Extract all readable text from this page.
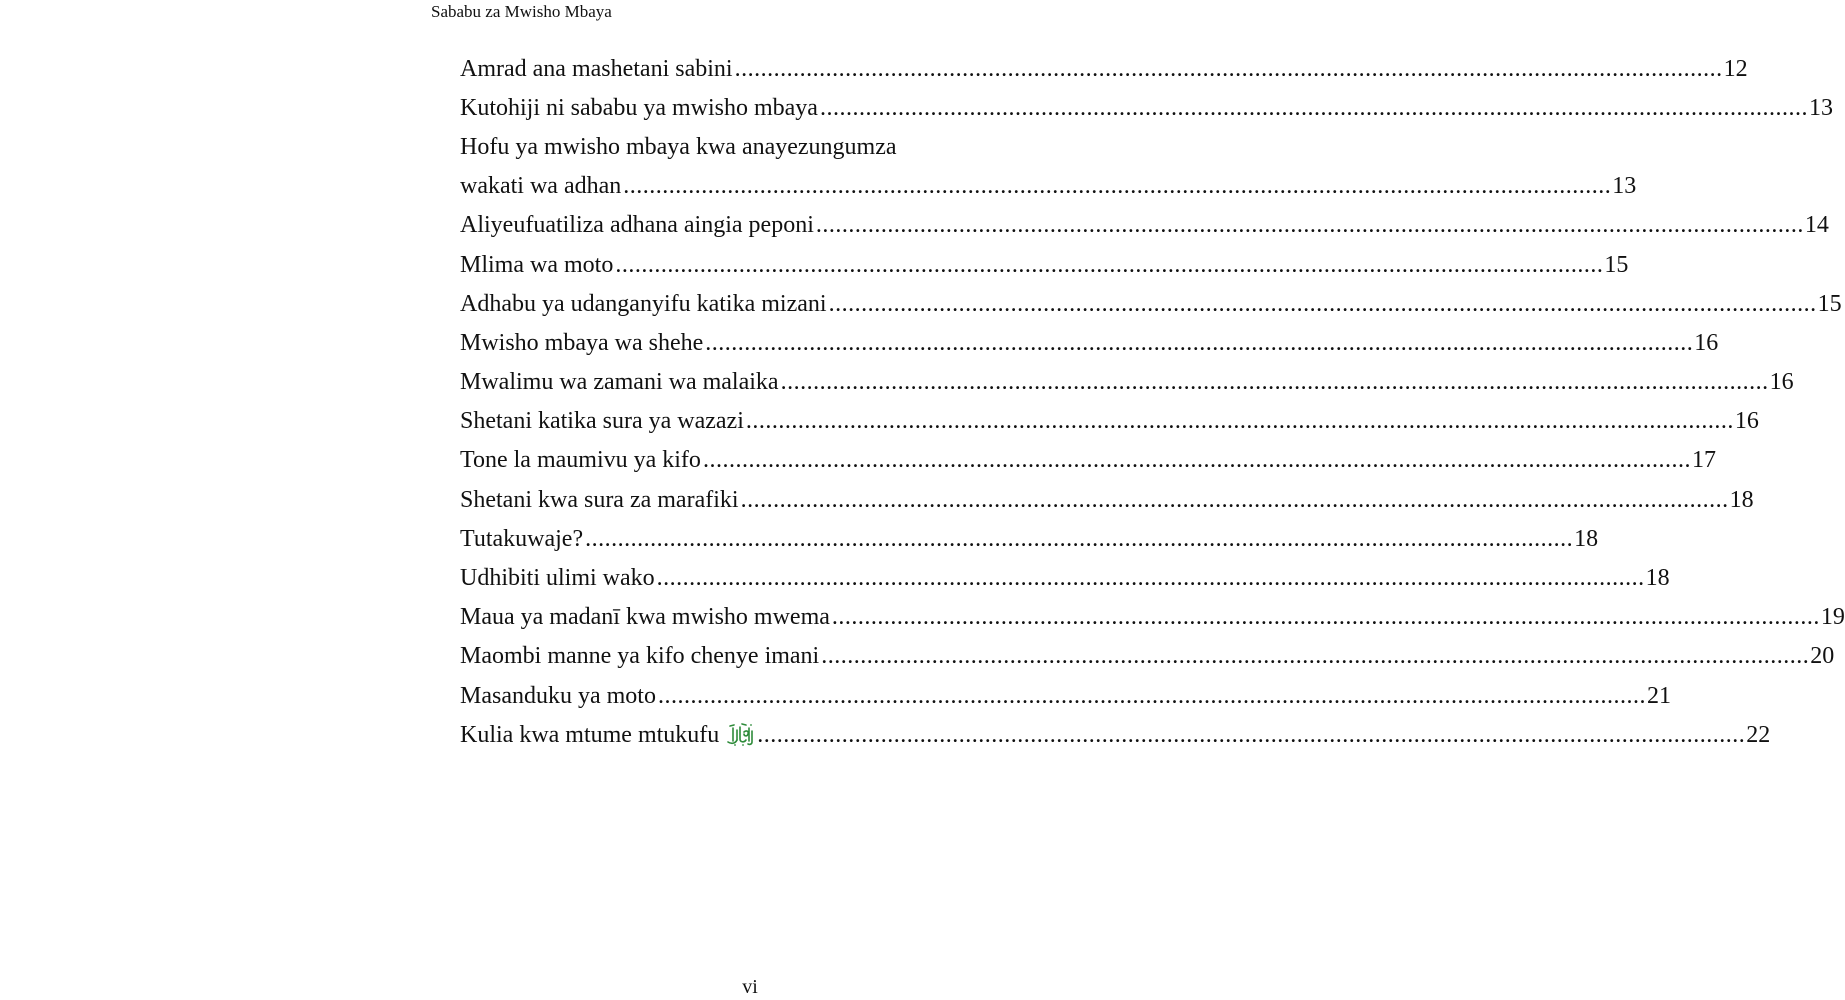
Sababu za Mwisho Mbaya
Amrad ana mashetani sabini ........................................................................................................................................................ 12
Kutohiji ni sababu ya mwisho mbaya ........................................................................................................................................................ 13
Hofu ya mwisho mbaya kwa anayezungumza
wakati wa adhan ........................................................................................................................................................ 13
Aliyeufuatiliza adhana aingia peponi ........................................................................................................................................................ 14
Mlima wa moto ........................................................................................................................................................ 15
Adhabu ya udanganyifu katika mizani ........................................................................................................................................................ 15
Mwisho mbaya wa shehe ........................................................................................................................................................ 16
Mwalimu wa zamani wa malaika ........................................................................................................................................................ 16
Shetani katika sura ya wazazi ........................................................................................................................................................ 16
Tone la maumivu ya kifo ........................................................................................................................................................ 17
Shetani kwa sura za marafiki ........................................................................................................................................................ 18
Tutakuwaje? ........................................................................................................................................................ 18
Udhibiti ulimi wako ........................................................................................................................................................ 18
Maua ya madanī kwa mwisho mwema ........................................................................................................................................................ 19
Maombi manne ya kifo chenye imani ........................................................................................................................................................ 20
Masanduku ya moto ........................................................................................................................................................ 21
Kulia kwa mtume mtukufu ........................................................................................................................................................ 22
vi
